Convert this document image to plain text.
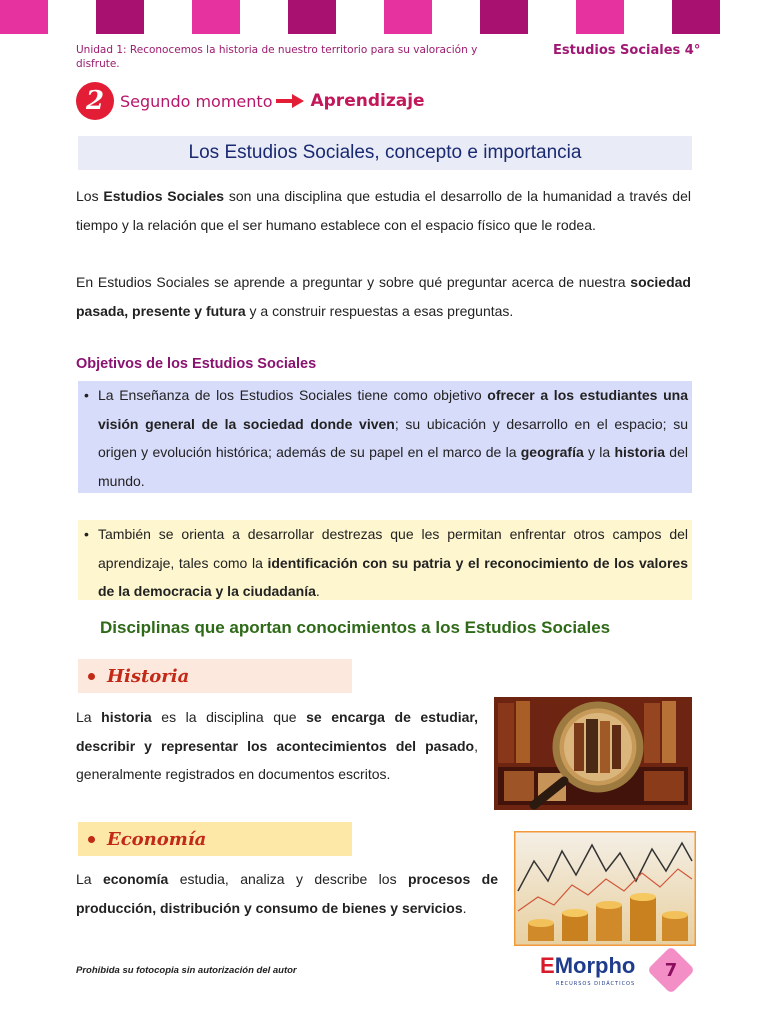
Unidad 1: Reconocemos la historia de nuestro territorio para su valoración y disfrute.
Estudios Sociales 4°
2 Segundo momento Aprendizaje
Los Estudios Sociales, concepto e importancia
Los Estudios Sociales son una disciplina que estudia el desarrollo de la humanidad a través del tiempo y la relación que el ser humano establece con el espacio físico que le rodea.
En Estudios Sociales se aprende a preguntar y sobre qué preguntar acerca de nuestra sociedad pasada, presente y futura y a construir respuestas a esas preguntas.
Objetivos de los Estudios Sociales
• La Enseñanza de los Estudios Sociales tiene como objetivo ofrecer a los estudiantes una visión general de la sociedad donde viven; su ubicación y desarrollo en el espacio; su origen y evolución histórica; además de su papel en el marco de la geografía y la historia del mundo.
• También se orienta a desarrollar destrezas que les permitan enfrentar otros campos del aprendizaje, tales como la identificación con su patria y el reconocimiento de los valores de la democracia y la ciudadanía.
Disciplinas que aportan conocimientos a los Estudios Sociales
Historia
La historia es la disciplina que se encarga de estudiar, describir y representar los acontecimientos del pasado, generalmente registrados en documentos escritos.
Economía
La economía estudia, analiza y describe los procesos de producción, distribución y consumo de bienes y servicios.
Prohibida su fotocopia sin autorización del autor	EMorpho
RECURSOS DIDÁCTICOS
7
